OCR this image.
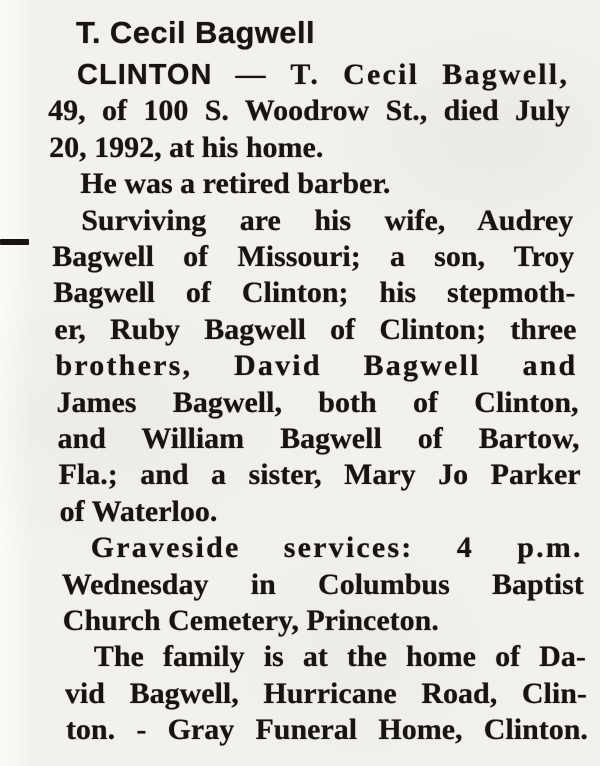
T. Cecil Bagwell
CLINTON — T. Cecil Bagwell,
49, of 100 S. Woodrow St., died July
20, 1992, at his home.
He was a retired barber.
Surviving are his wife, Audrey
Bagwell of Missouri; a son, Troy
Bagwell of Clinton; his stepmoth-
er, Ruby Bagwell of Clinton; three
brothers, David Bagwell and
James Bagwell, both of Clinton,
and William Bagwell of Bartow,
Fla.; and a sister, Mary Jo Parker
of Waterloo.
Graveside services: 4 p.m.
Wednesday in Columbus Baptist
Church Cemetery, Princeton.
The family is at the home of Da-
vid Bagwell, Hurricane Road, Clin-
ton. - Gray Funeral Home, Clinton.
